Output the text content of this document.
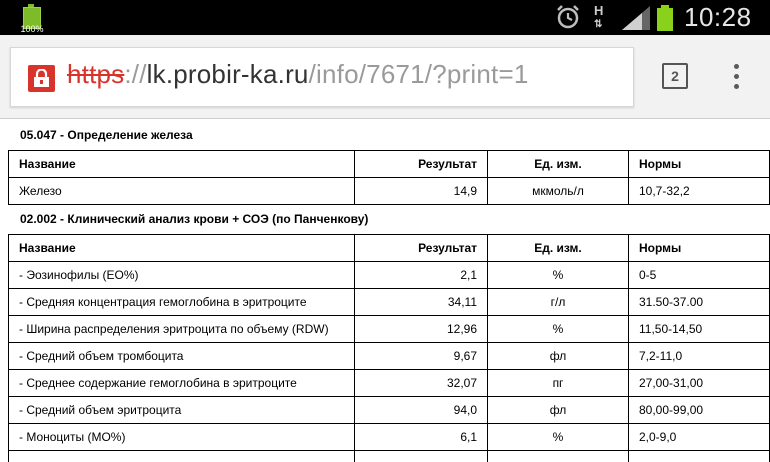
100%
H
⇅	10:28
https://lk.probir-ka.ru/info/7671/?print=1	2
05.047 - Определение железа
Название	Результат	Ед. изм.	Нормы
Железо	14,9	мкмоль/л	10,7-32,2
02.002 - Клинический анализ крови + СОЭ (по Панченкову)
Название	Результат	Ед. изм.	Нормы
- Эозинофилы (ЕО%)	2,1	%	0-5
- Средняя концентрация гемоглобина в эритроците	34,11	г/л	31.50-37.00
- Ширина распределения эритроцита по объему (RDW)	12,96	%	11,50-14,50
- Средний объем тромбоцита	9,67	фл	7,2-11,0
- Среднее содержание гемоглобина в эритроците	32,07	пг	27,00-31,00
- Средний объем эритроцита	94,0	фл	80,00-99,00
- Моноциты (МО%)	6,1	%	2,0-9,0
